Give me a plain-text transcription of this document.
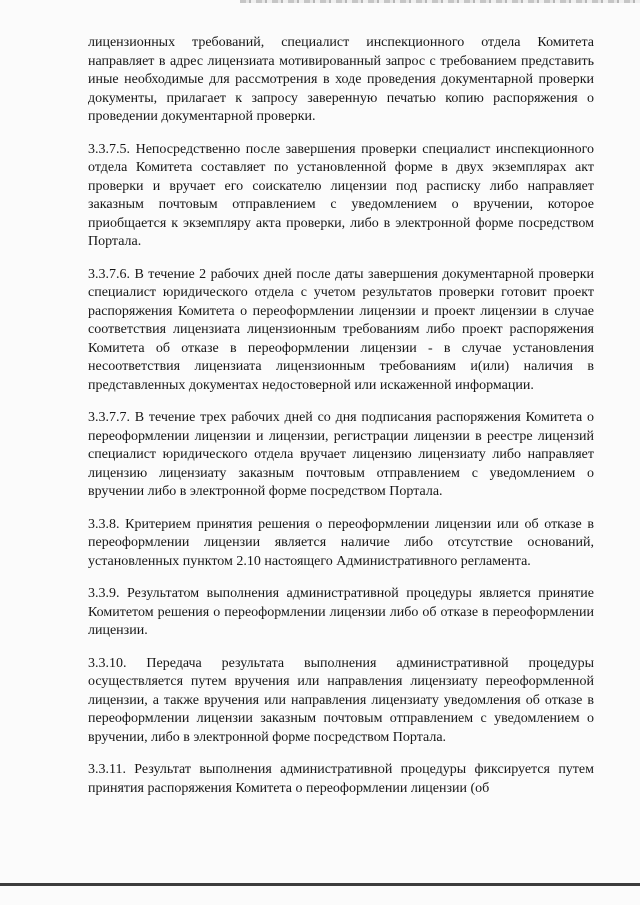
лицензионных требований, специалист инспекционного отдела Комитета направляет в адрес лицензиата мотивированный запрос с требованием представить иные необходимые для рассмотрения в ходе проведения документарной проверки документы, прилагает к запросу заверенную печатью копию распоряжения о проведении документарной проверки.

3.3.7.5. Непосредственно после завершения проверки специалист инспекционного отдела Комитета составляет по установленной форме в двух экземплярах акт проверки и вручает его соискателю лицензии под расписку либо направляет заказным почтовым отправлением с уведомлением о вручении, которое приобщается к экземпляру акта проверки, либо в электронной форме посредством Портала.

3.3.7.6. В течение 2 рабочих дней после даты завершения документарной проверки специалист юридического отдела с учетом результатов проверки готовит проект распоряжения Комитета о переоформлении лицензии и проект лицензии в случае соответствия лицензиата лицензионным требованиям либо проект распоряжения Комитета об отказе в переоформлении лицензии - в случае установления несоответствия лицензиата лицензионным требованиям и(или) наличия в представленных документах недостоверной или искаженной информации.

3.3.7.7. В течение трех рабочих дней со дня подписания распоряжения Комитета о переоформлении лицензии и лицензии, регистрации лицензии в реестре лицензий специалист юридического отдела вручает лицензию лицензиату либо направляет лицензию лицензиату заказным почтовым отправлением с уведомлением о вручении либо в электронной форме посредством Портала.

3.3.8. Критерием принятия решения о переоформлении лицензии или об отказе в переоформлении лицензии является наличие либо отсутствие оснований, установленных пунктом 2.10 настоящего Административного регламента.

3.3.9. Результатом выполнения административной процедуры является принятие Комитетом решения о переоформлении лицензии либо об отказе в переоформлении лицензии.

3.3.10. Передача результата выполнения административной процедуры осуществляется путем вручения или направления лицензиату переоформленной лицензии, а также вручения или направления лицензиату уведомления об отказе в переоформлении лицензии заказным почтовым отправлением с уведомлением о вручении, либо в электронной форме посредством Портала.

3.3.11. Результат выполнения административной процедуры фиксируется путем принятия распоряжения Комитета о переоформлении лицензии (об
